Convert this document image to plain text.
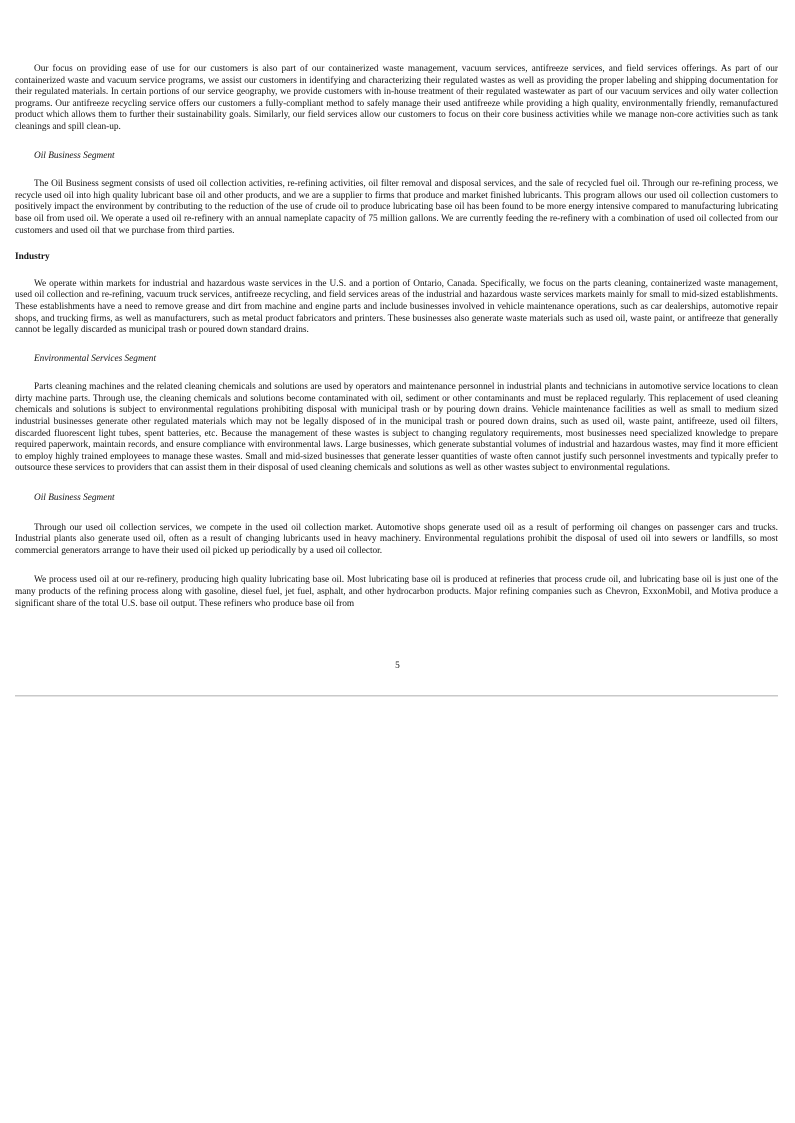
Our focus on providing ease of use for our customers is also part of our containerized waste management, vacuum services, antifreeze services, and field services offerings. As part of our containerized waste and vacuum service programs, we assist our customers in identifying and characterizing their regulated wastes as well as providing the proper labeling and shipping documentation for their regulated materials. In certain portions of our service geography, we provide customers with in-house treatment of their regulated wastewater as part of our vacuum services and oily water collection programs. Our antifreeze recycling service offers our customers a fully-compliant method to safely manage their used antifreeze while providing a high quality, environmentally friendly, remanufactured product which allows them to further their sustainability goals. Similarly, our field services allow our customers to focus on their core business activities while we manage non-core activities such as tank cleanings and spill clean-up.

Oil Business Segment

The Oil Business segment consists of used oil collection activities, re-refining activities, oil filter removal and disposal services, and the sale of recycled fuel oil. Through our re-refining process, we recycle used oil into high quality lubricant base oil and other products, and we are a supplier to firms that produce and market finished lubricants. This program allows our used oil collection customers to positively impact the environment by contributing to the reduction of the use of crude oil to produce lubricating base oil has been found to be more energy intensive compared to manufacturing lubricating base oil from used oil. We operate a used oil re-refinery with an annual nameplate capacity of 75 million gallons. We are currently feeding the re-refinery with a combination of used oil collected from our customers and used oil that we purchase from third parties.

Industry

We operate within markets for industrial and hazardous waste services in the U.S. and a portion of Ontario, Canada. Specifically, we focus on the parts cleaning, containerized waste management, used oil collection and re-refining, vacuum truck services, antifreeze recycling, and field services areas of the industrial and hazardous waste services markets mainly for small to mid-sized establishments. These establishments have a need to remove grease and dirt from machine and engine parts and include businesses involved in vehicle maintenance operations, such as car dealerships, automotive repair shops, and trucking firms, as well as manufacturers, such as metal product fabricators and printers. These businesses also generate waste materials such as used oil, waste paint, or antifreeze that generally cannot be legally discarded as municipal trash or poured down standard drains.

Environmental Services Segment

Parts cleaning machines and the related cleaning chemicals and solutions are used by operators and maintenance personnel in industrial plants and technicians in automotive service locations to clean dirty machine parts. Through use, the cleaning chemicals and solutions become contaminated with oil, sediment or other contaminants and must be replaced regularly. This replacement of used cleaning chemicals and solutions is subject to environmental regulations prohibiting disposal with municipal trash or by pouring down drains. Vehicle maintenance facilities as well as small to medium sized industrial businesses generate other regulated materials which may not be legally disposed of in the municipal trash or poured down drains, such as used oil, waste paint, antifreeze, used oil filters, discarded fluorescent light tubes, spent batteries, etc. Because the management of these wastes is subject to changing regulatory requirements, most businesses need specialized knowledge to prepare required paperwork, maintain records, and ensure compliance with environmental laws. Large businesses, which generate substantial volumes of industrial and hazardous wastes, may find it more efficient to employ highly trained employees to manage these wastes. Small and mid-sized businesses that generate lesser quantities of waste often cannot justify such personnel investments and typically prefer to outsource these services to providers that can assist them in their disposal of used cleaning chemicals and solutions as well as other wastes subject to environmental regulations.

Oil Business Segment

Through our used oil collection services, we compete in the used oil collection market. Automotive shops generate used oil as a result of performing oil changes on passenger cars and trucks. Industrial plants also generate used oil, often as a result of changing lubricants used in heavy machinery. Environmental regulations prohibit the disposal of used oil into sewers or landfills, so most commercial generators arrange to have their used oil picked up periodically by a used oil collector.

We process used oil at our re-refinery, producing high quality lubricating base oil. Most lubricating base oil is produced at refineries that process crude oil, and lubricating base oil is just one of the many products of the refining process along with gasoline, diesel fuel, jet fuel, asphalt, and other hydrocarbon products. Major refining companies such as Chevron, ExxonMobil, and Motiva produce a significant share of the total U.S. base oil output. These refiners who produce base oil from

5
